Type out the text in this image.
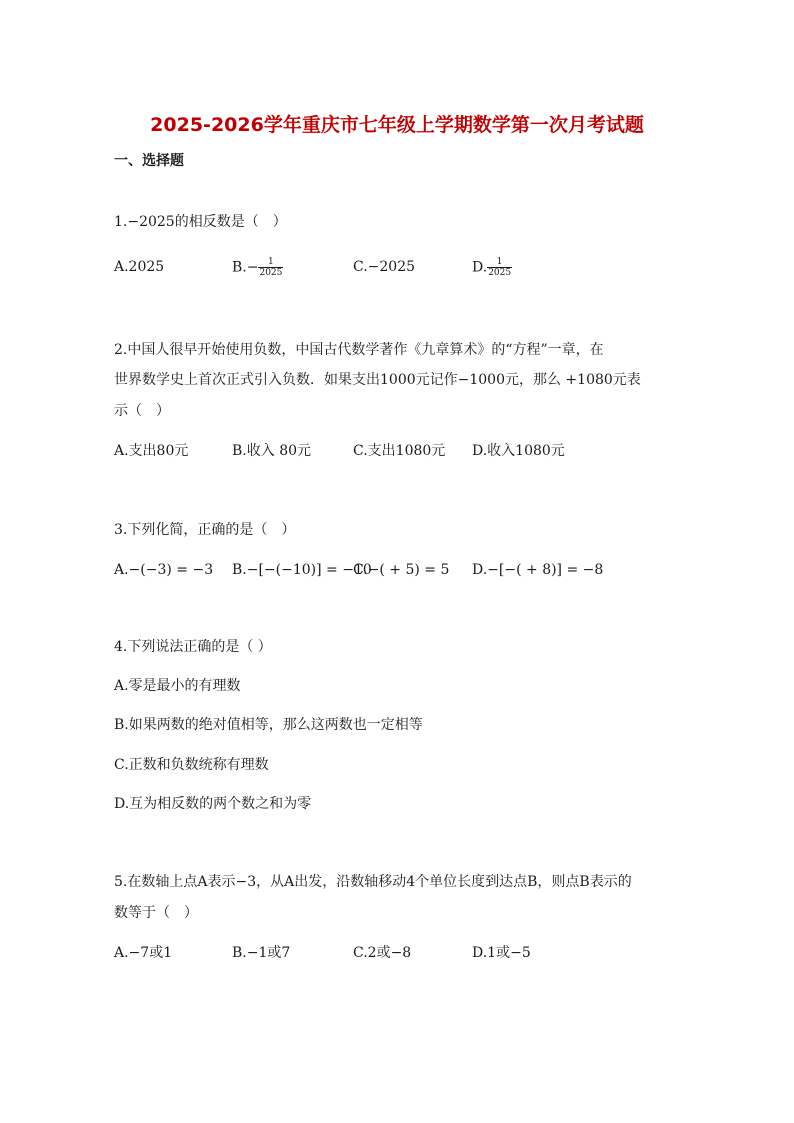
2025-2026学年重庆市七年级上学期数学第一次月考试题
一、选择题
1.−2025的相反数是（　）
A.2025	$B.- \frac{1}{2025}$	C.−2025	D. $\frac{1}{2025}$
2.中国人很早开始使用负数，中国古代数学著作《九章算术》的“方程”一章，在
世界数学史上首次正式引入负数．如果支出1000元记作−1000元，那么 +1080元表
示（　）
A.支出80元	B.收入 80元	C.支出1080元 D.收入1080元
3.下列化简，正确的是（　）
A.−(−3) = −3 B.−[−(−10)] = −10
C.−( + 5) = 5 D.−[−( + 8)] = −8
4.下列说法正确的是（ ）
A.零是最小的有理数
B.如果两数的绝对值相等，那么这两数也一定相等
C.正数和负数统称有理数
D.互为相反数的两个数之和为零
5.在数轴上点A表示−3，从A出发，沿数轴移动4个单位长度到达点B，则点B表示的
数等于（　）
A.−7或1	B.−1或7	C.2或−8	D.1或−5
